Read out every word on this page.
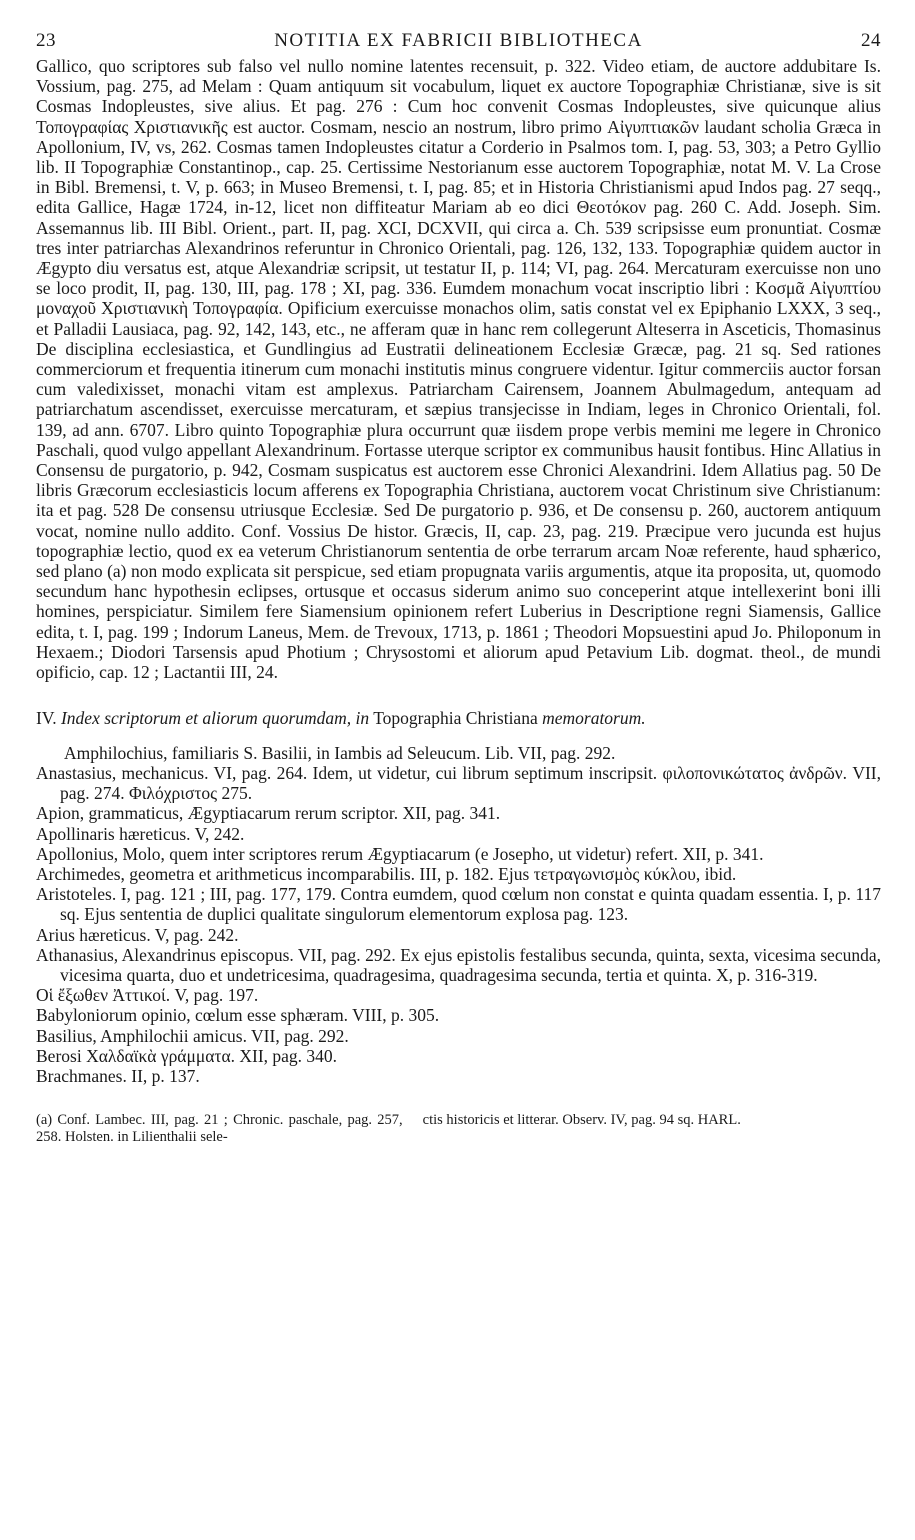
23	NOTITIA EX FABRICII BIBLIOTHECA	24
Gallico, quo scriptores sub falso vel nullo nomine latentes recensuit, p. 322. Video etiam, de auctore addubitare Is. Vossium, pag. 275, ad Melam : Quam antiquum sit vocabulum, liquet ex auctore Topographiæ Christianæ, sive is sit Cosmas Indopleustes, sive alius. Et pag. 276 : Cum hoc convenit Cosmas Indopleustes, sive quicunque alius Τοπογραφίας Χριστιανικῆς est auctor. Cosmam, nescio an nostrum, libro primo Αἰγυπτιακῶν laudant scholia Græca in Apollonium, IV, vs, 262. Cosmas tamen Indopleustes citatur a Corderio in Psalmos tom. I, pag. 53, 303; a Petro Gyllio lib. II Topographiæ Constantinop., cap. 25. Certissime Nestorianum esse auctorem Topographiæ, notat M. V. La Crose in Bibl. Bremensi, t. V, p. 663; in Museo Bremensi, t. I, pag. 85; et in Historia Christianismi apud Indos pag. 27 seqq., edita Gallice, Hagæ 1724, in-12, licet non diffiteatur Mariam ab eo dici Θεοτόκον pag. 260 C. Add. Joseph. Sim. Assemannus lib. III Bibl. Orient., part. II, pag. XCI, DCXVII, qui circa a. Ch. 539 scripsisse eum pronuntiat. Cosmæ tres inter patriarchas Alexandrinos referuntur in Chronico Orientali, pag. 126, 132, 133. Topographiæ quidem auctor in Ægypto diu versatus est, atque Alexandriæ scripsit, ut testatur II, p. 114; VI, pag. 264. Mercaturam exercuisse non uno se loco prodit, II, pag. 130, III, pag. 178 ; XI, pag. 336. Eumdem monachum vocat inscriptio libri : Κοσμᾶ Αἰγυπτίου μοναχοῦ Χριστιανικὴ Τοπογραφία. Opificium exercuisse monachos olim, satis constat vel ex Epiphanio LXXX, 3 seq., et Palladii Lausiaca, pag. 92, 142, 143, etc., ne afferam quæ in hanc rem collegerunt Alteserra in Asceticis, Thomasinus De disciplina ecclesiastica, et Gundlingius ad Eustratii delineationem Ecclesiæ Græcæ, pag. 21 sq. Sed rationes commerciorum et frequentia itinerum cum monachi institutis minus congruere videntur. Igitur commerciis auctor forsan cum valedixisset, monachi vitam est amplexus. Patriarcham Cairensem, Joannem Abulmagedum, antequam ad patriarchatum ascendisset, exercuisse mercaturam, et sæpius transjecisse in Indiam, leges in Chronico Orientali, fol. 139, ad ann. 6707. Libro quinto Topographiæ plura occurrunt quæ iisdem prope verbis memini me legere in Chronico Paschali, quod vulgo appellant Alexandrinum. Fortasse uterque scriptor ex communibus hausit fontibus. Hinc Allatius in Consensu de purgatorio, p. 942, Cosmam suspicatus est auctorem esse Chronici Alexandrini. Idem Allatius pag. 50 De libris Græcorum ecclesiasticis locum afferens ex Topographia Christiana, auctorem vocat Christinum sive Christianum: ita et pag. 528 De consensu utriusque Ecclesiæ. Sed De purgatorio p. 936, et De consensu p. 260, auctorem antiquum vocat, nomine nullo addito. Conf. Vossius De histor. Græcis, II, cap. 23, pag. 219. Præcipue vero jucunda est hujus topographiæ lectio, quod ex ea veterum Christianorum sententia de orbe terrarum arcam Noæ referente, haud sphærico, sed plano (a) non modo explicata sit perspicue, sed etiam propugnata variis argumentis, atque ita proposita, ut, quomodo secundum hanc hypothesin eclipses, ortusque et occasus siderum animo suo conceperint atque intellexerint boni illi homines, perspiciatur. Similem fere Siamensium opinionem refert Luberius in Descriptione regni Siamensis, Gallice edita, t. I, pag. 199 ; Indorum Laneus, Mem. de Trevoux, 1713, p. 1861 ; Theodori Mopsuestini apud Jo. Philoponum in Hexaem.; Diodori Tarsensis apud Photium ; Chrysostomi et aliorum apud Petavium Lib. dogmat. theol., de mundi opificio, cap. 12 ; Lactantii III, 24.
IV. Index scriptorum et aliorum quorumdam, in Topographia Christiana memoratorum.
Amphilochius, familiaris S. Basilii, in Iambis ad Seleucum. Lib. VII, pag. 292.
Anastasius, mechanicus. VI, pag. 264. Idem, ut videtur, cui librum septimum inscripsit. φιλοπονικώτατος ἀνδρῶν. VII, pag. 274. Φιλόχριστος 275.
Apion, grammaticus, Ægyptiacarum rerum scriptor. XII, pag. 341.
Apollinaris hæreticus. V, 242.
Apollonius, Molo, quem inter scriptores rerum Ægyptiacarum (e Josepho, ut videtur) refert. XII, p. 341.
Archimedes, geometra et arithmeticus incomparabilis. III, p. 182. Ejus τετραγωνισμὸς κύκλου, ibid.
Aristoteles. I, pag. 121 ; III, pag. 177, 179. Contra eumdem, quod cœlum non constat e quinta quadam essentia. I, p. 117 sq. Ejus sententia de duplici qualitate singulorum elementorum explosa pag. 123.
Arius hæreticus. V, pag. 242.
Athanasius, Alexandrinus episcopus. VII, pag. 292. Ex ejus epistolis festalibus secunda, quinta, sexta, vicesima secunda, vicesima quarta, duo et undetricesima, quadragesima, quadragesima secunda, tertia et quinta. X, p. 316-319.
Οἱ ἔξωθεν Ἀττικοί. V, pag. 197.
Babyloniorum opinio, cœlum esse sphæram. VIII, p. 305.
Basilius, Amphilochii amicus. VII, pag. 292.
Berosi Χαλδαϊκὰ γράμματα. XII, pag. 340.
Brachmanes. II, p. 137.
(a) Conf. Lambec. III, pag. 21 ; Chronic. paschale, pag. 257, 258. Holsten. in Lilienthalii sele-
ctis historicis et litterar. Observ. IV, pag. 94 sq. HARL.
